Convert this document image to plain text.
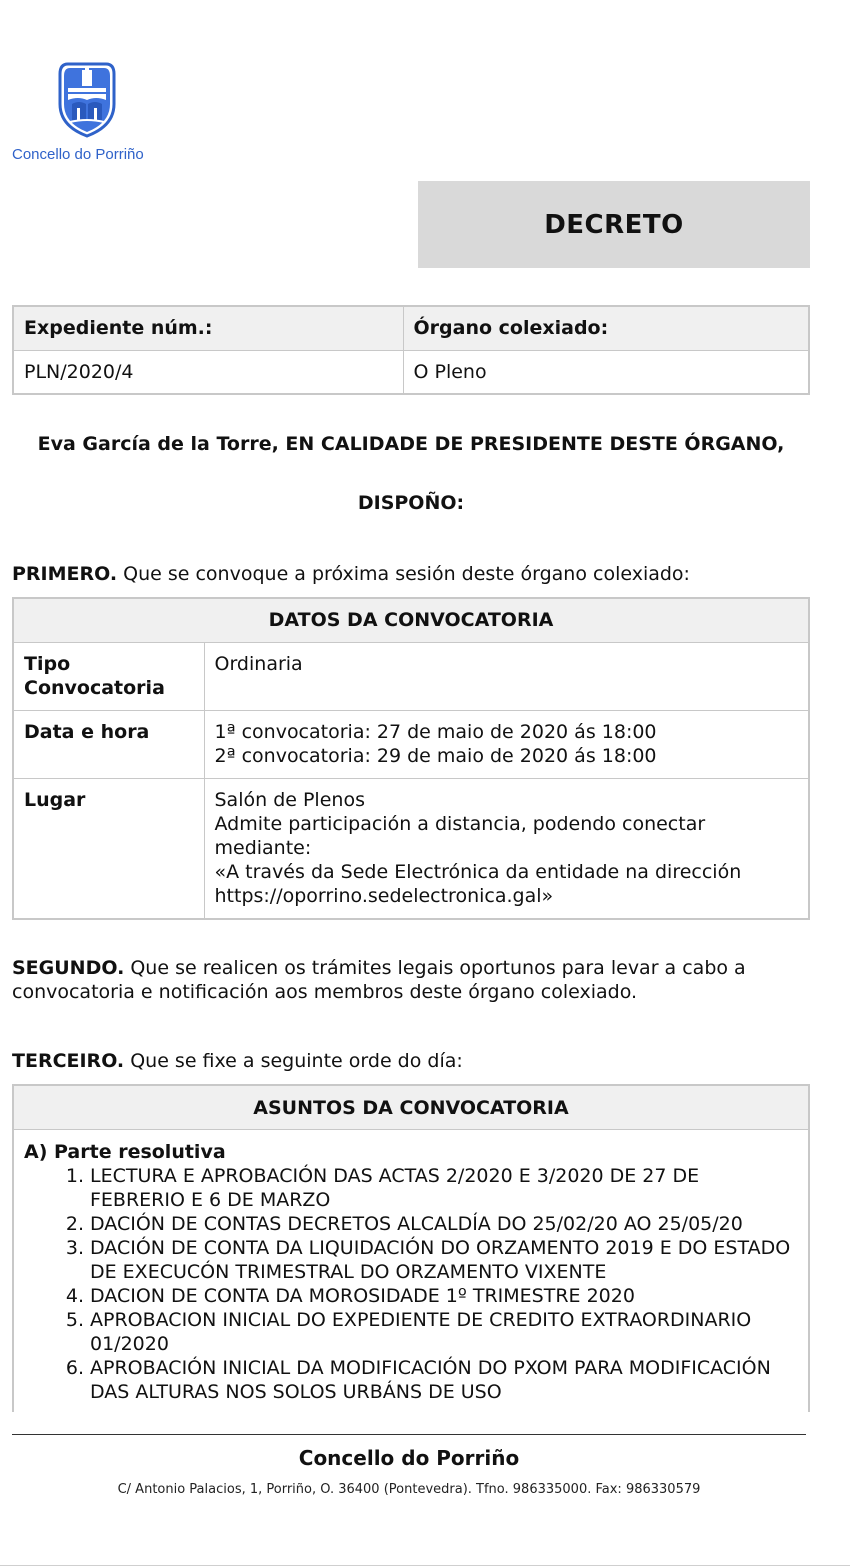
Concello do Porriño
DECRETO
Expediente núm.:	Órgano colexiado:
PLN/2020/4	O Pleno
Eva García de la Torre, EN CALIDADE DE PRESIDENTE DESTE ÓRGANO,
DISPOÑO:
PRIMERO. Que se convoque a próxima sesión deste órgano colexiado:
DATOS DA CONVOCATORIA	
Tipo Convocatoria	Ordinaria

Data e hora	1ª convocatoria: 27 de maio de 2020 ás 18:00
2ª convocatoria: 29 de maio de 2020 ás 18:00

Lugar	Salón de Plenos
Admite participación a distancia, podendo conectar mediante:
«A través da Sede Electrónica da entidade na dirección https://oporrino.sedelectronica.gal»
SEGUNDO. Que se realicen os trámites legais oportunos para levar a cabo a convocatoria e notificación aos membros deste órgano colexiado.
TERCEIRO. Que se fixe a seguinte orde do día:
ASUNTOS DA CONVOCATORIA
A) Parte resolutiva
1. LECTURA E APROBACIÓN DAS ACTAS 2/2020 E 3/2020 DE 27 DE FEBRERIO E 6 DE MARZO
2. DACIÓN DE CONTAS DECRETOS ALCALDÍA DO 25/02/20 AO 25/05/20
3. DACIÓN DE CONTA DA LIQUIDACIÓN DO ORZAMENTO 2019 E DO ESTADO DE EXECUCÓN TRIMESTRAL DO ORZAMENTO VIXENTE
4. DACION DE CONTA DA MOROSIDADE 1º TRIMESTRE 2020
5. APROBACION INICIAL DO EXPEDIENTE DE CREDITO EXTRAORDINARIO 01/2020
6. APROBACIÓN INICIAL DA MODIFICACIÓN DO PXOM PARA MODIFICACIÓN DAS ALTURAS NOS SOLOS URBÁNS DE USO
Concello do Porriño
C/ Antonio Palacios, 1, Porriño, O. 36400 (Pontevedra). Tfno. 986335000. Fax: 986330579
